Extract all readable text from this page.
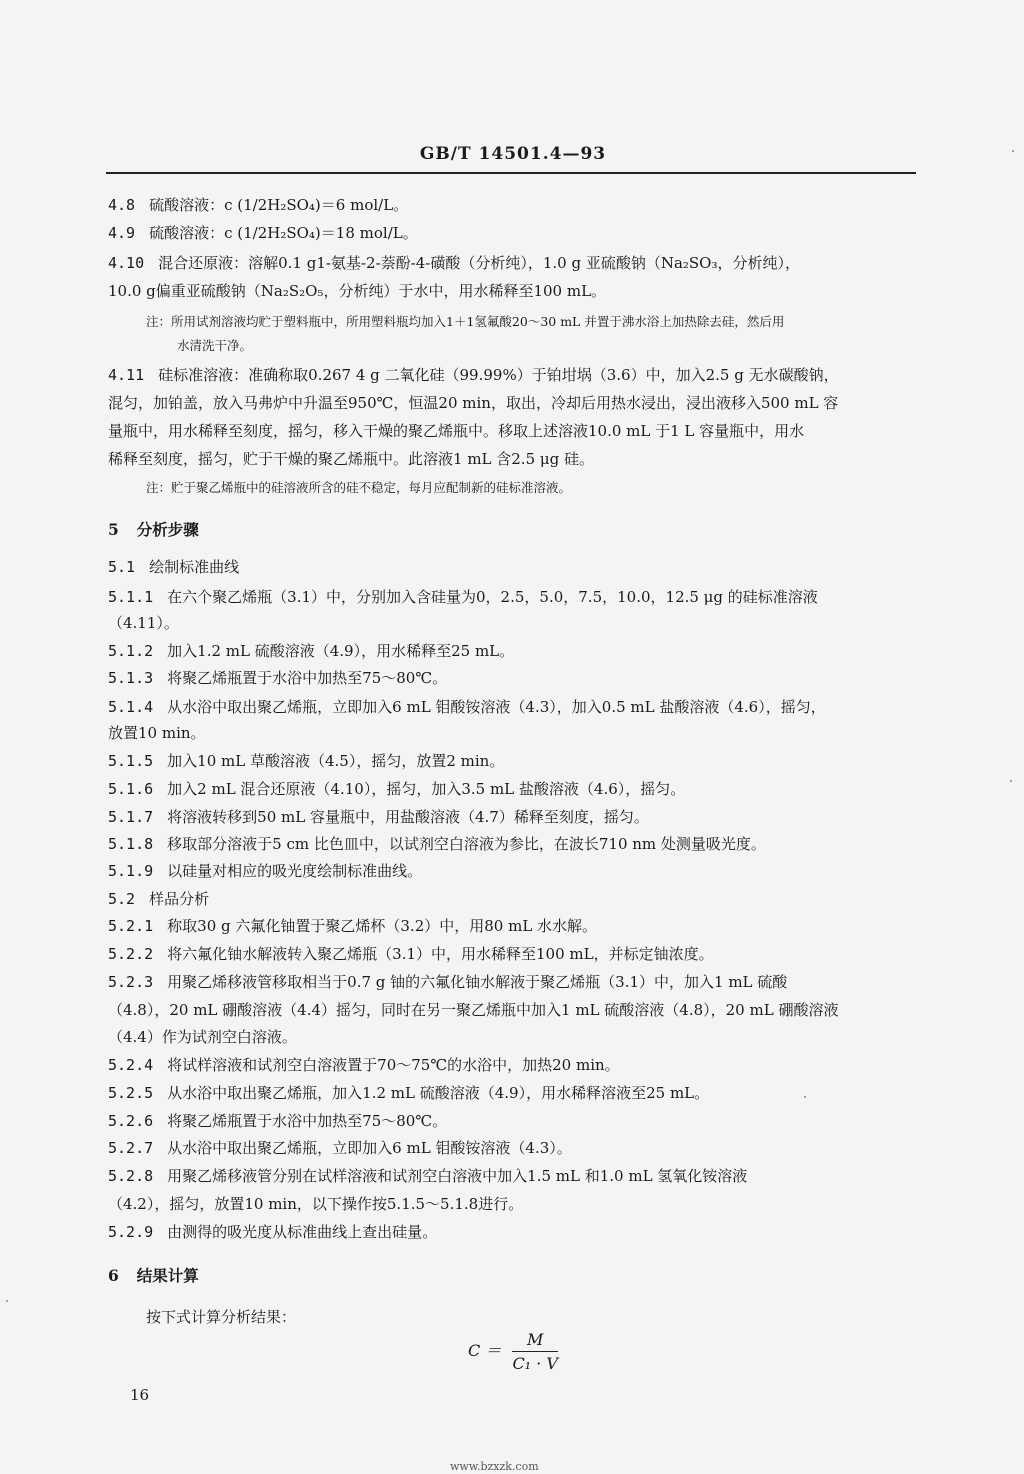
GB/T 14501.4—93
4.8 硫酸溶液：c (1/2H₂SO₄)＝6 mol/L。
4.9 硫酸溶液：c (1/2H₂SO₄)＝18 mol/L。
4.10 混合还原液：溶解0.1 g1-氨基-2-萘酚-4-磺酸（分析纯），1.0 g 亚硫酸钠（Na₂SO₃，分析纯），
10.0 g偏重亚硫酸钠（Na₂S₂O₅，分析纯）于水中，用水稀释至100 mL。
注：所用试剂溶液均贮于塑料瓶中，所用塑料瓶均加入1＋1氢氟酸20～30 mL 并置于沸水浴上加热除去硅，然后用
水清洗干净。
4.11 硅标准溶液：准确称取0.267 4 g 二氧化硅（99.99%）于铂坩埚（3.6）中，加入2.5 g 无水碳酸钠，
混匀，加铂盖，放入马弗炉中升温至950℃，恒温20 min，取出，冷却后用热水浸出，浸出液移入500 mL 容
量瓶中，用水稀释至刻度，摇匀，移入干燥的聚乙烯瓶中。移取上述溶液10.0 mL 于1 L 容量瓶中，用水
稀释至刻度，摇匀，贮于干燥的聚乙烯瓶中。此溶液1 mL 含2.5 μg 硅。
注：贮于聚乙烯瓶中的硅溶液所含的硅不稳定，每月应配制新的硅标准溶液。
5 分析步骤
5.1 绘制标准曲线
5.1.1 在六个聚乙烯瓶（3.1）中，分别加入含硅量为0，2.5，5.0，7.5，10.0，12.5 μg 的硅标准溶液
（4.11）。
5.1.2 加入1.2 mL 硫酸溶液（4.9），用水稀释至25 mL。
5.1.3 将聚乙烯瓶置于水浴中加热至75～80℃。
5.1.4 从水浴中取出聚乙烯瓶，立即加入6 mL 钼酸铵溶液（4.3），加入0.5 mL 盐酸溶液（4.6），摇匀，
放置10 min。
5.1.5 加入10 mL 草酸溶液（4.5），摇匀，放置2 min。
5.1.6 加入2 mL 混合还原液（4.10），摇匀，加入3.5 mL 盐酸溶液（4.6），摇匀。
5.1.7 将溶液转移到50 mL 容量瓶中，用盐酸溶液（4.7）稀释至刻度，摇匀。
5.1.8 移取部分溶液于5 cm 比色皿中，以试剂空白溶液为参比，在波长710 nm 处测量吸光度。
5.1.9 以硅量对相应的吸光度绘制标准曲线。
5.2 样品分析
5.2.1 称取30 g 六氟化铀置于聚乙烯杯（3.2）中，用80 mL 水水解。
5.2.2 将六氟化铀水解液转入聚乙烯瓶（3.1）中，用水稀释至100 mL，并标定铀浓度。
5.2.3 用聚乙烯移液管移取相当于0.7 g 铀的六氟化铀水解液于聚乙烯瓶（3.1）中，加入1 mL 硫酸
（4.8），20 mL 硼酸溶液（4.4）摇匀，同时在另一聚乙烯瓶中加入1 mL 硫酸溶液（4.8），20 mL 硼酸溶液
（4.4）作为试剂空白溶液。
5.2.4 将试样溶液和试剂空白溶液置于70～75℃的水浴中，加热20 min。
5.2.5 从水浴中取出聚乙烯瓶，加入1.2 mL 硫酸溶液（4.9），用水稀释溶液至25 mL。
5.2.6 将聚乙烯瓶置于水浴中加热至75～80℃。
5.2.7 从水浴中取出聚乙烯瓶，立即加入6 mL 钼酸铵溶液（4.3）。
5.2.8 用聚乙烯移液管分别在试样溶液和试剂空白溶液中加入1.5 mL 和1.0 mL 氢氧化铵溶液
（4.2），摇匀，放置10 min，以下操作按5.1.5～5.1.8进行。
5.2.9 由测得的吸光度从标准曲线上查出硅量。
6 结果计算
按下式计算分析结果：
$C = \frac{M}{\text{C₁ · V}}$
16
www.bzxzk.com
